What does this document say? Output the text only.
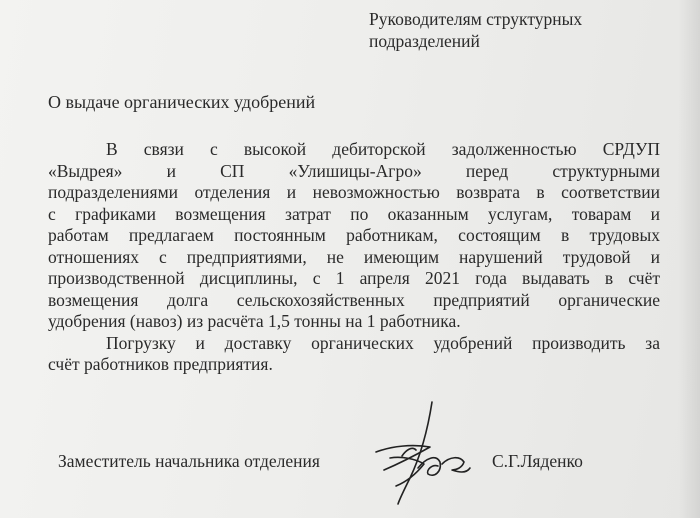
Руководителям структурных
подразделений
О выдаче органических удобрений
В связи с высокой дебиторской задолженностью СРДУП
«Выдрея» и СП «Улишицы-Агро» перед структурными
подразделениями отделения и невозможностью возврата в соответствии
с графиками возмещения затрат по оказанным услугам, товарам и
работам предлагаем постоянным работникам, состоящим в трудовых
отношениях с предприятиями, не имеющим нарушений трудовой и
производственной дисциплины, с 1 апреля 2021 года выдавать в счёт
возмещения долга сельскохозяйственных предприятий органические
удобрения (навоз) из расчёта 1,5 тонны на 1 работника.
Погрузку и доставку органических удобрений производить за
счёт работников предприятия.
Заместитель начальника отделения	С.Г.Ляденко
